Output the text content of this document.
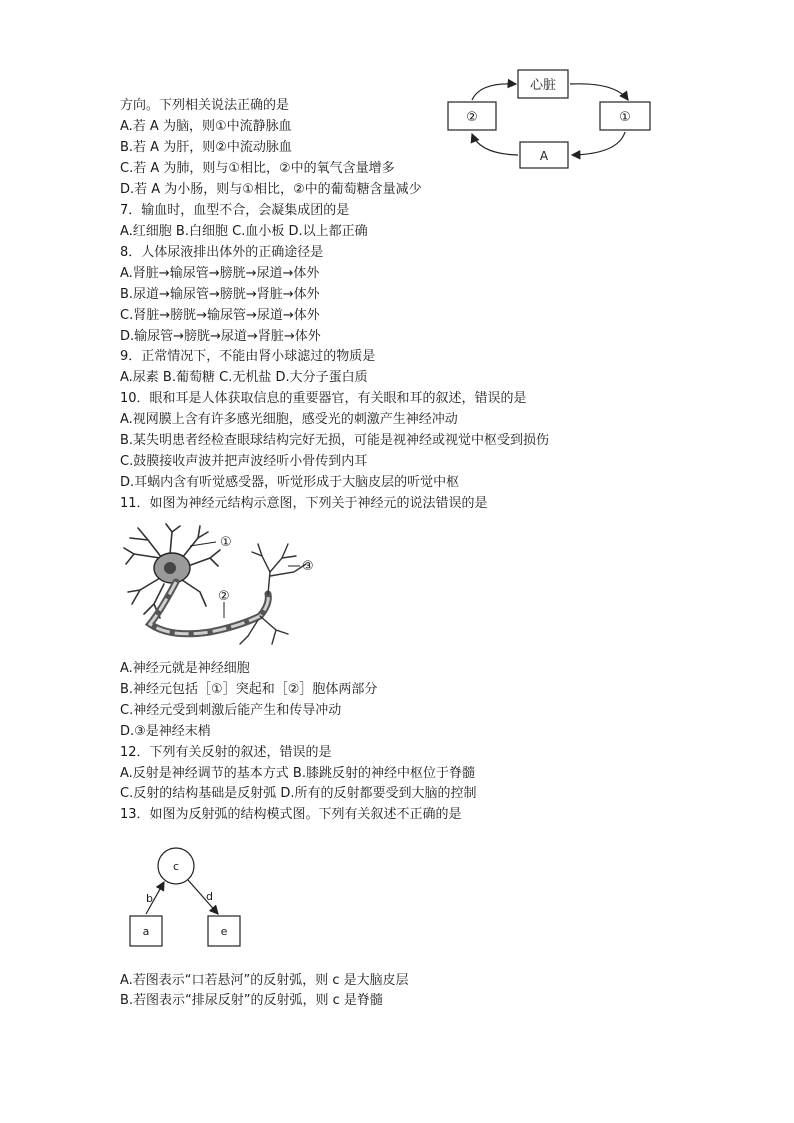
方向。下列相关说法正确的是
A.若 A 为脑，则①中流静脉血
B.若 A 为肝，则②中流动脉血
C.若 A 为肺，则与①相比，②中的氧气含量增多
D.若 A 为小肠，则与①相比，②中的葡萄糖含量减少
7．输血时，血型不合，会凝集成团的是
A.红细胞 B.白细胞 C.血小板 D.以上都正确
8．人体尿液排出体外的正确途径是
A.肾脏→输尿管→膀胱→尿道→体外
B.尿道→输尿管→膀胱→肾脏→体外
C.肾脏→膀胱→输尿管→尿道→体外
D.输尿管→膀胱→尿道→肾脏→体外
9．正常情况下，不能由肾小球滤过的物质是
A.尿素 B.葡萄糖 C.无机盐 D.大分子蛋白质
10．眼和耳是人体获取信息的重要器官，有关眼和耳的叙述，错误的是
A.视网膜上含有许多感光细胞，感受光的刺激产生神经冲动
B.某失明患者经检查眼球结构完好无损，可能是视神经或视觉中枢受到损伤
C.鼓膜接收声波并把声波经听小骨传到内耳
D.耳蜗内含有听觉感受器，听觉形成于大脑皮层的听觉中枢
11．如图为神经元结构示意图，下列关于神经元的说法错误的是
A.神经元就是神经细胞
B.神经元包括［①］突起和［②］胞体两部分
C.神经元受到刺激后能产生和传导冲动
D.③是神经末梢
12．下列有关反射的叙述，错误的是
A.反射是神经调节的基本方式 B.膝跳反射的神经中枢位于脊髓
C.反射的结构基础是反射弧 D.所有的反射都要受到大脑的控制
13．如图为反射弧的结构模式图。下列有关叙述不正确的是
A.若图表示“口若悬河”的反射弧，则 c 是大脑皮层
B.若图表示“排尿反射”的反射弧，则 c 是脊髓
心脏
②	①
A
①
②
③
c
a	e
b	d
